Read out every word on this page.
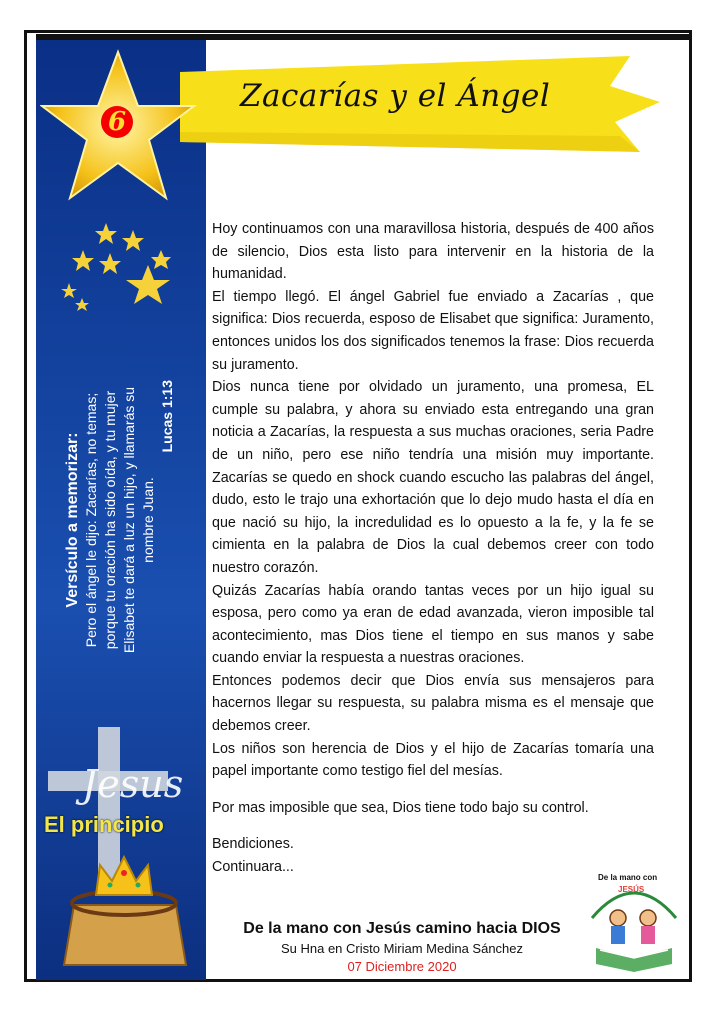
Zacarías y el Ángel
6
Versículo a memorizar: Pero el ángel le dijo: Zacarías, no temas; porque tu oración ha sido oída, y tu mujer Elisabet te dará a luz un hijo, y llamarás su nombre Juan.
Lucas 1:13
Jesus
El principio

Hoy continuamos con una maravillosa historia, después de 400 años de silencio, Dios esta listo para intervenir en la historia de la humanidad.

El tiempo llegó. El ángel Gabriel fue enviado a Zacarías , que significa: Dios recuerda, esposo de Elisabet que significa: Juramento, entonces unidos los dos significados tenemos la frase: Dios recuerda su juramento.

Dios nunca tiene por olvidado un juramento, una promesa, EL cumple su palabra, y ahora su enviado esta entregando una gran noticia a Zacarías, la respuesta a sus muchas oraciones, seria Padre de un niño, pero ese niño tendría una misión muy importante. Zacarías se quedo en shock cuando escucho las palabras del ángel, dudo, esto le trajo una exhortación que lo dejo mudo hasta el día en que nació su hijo, la incredulidad es lo opuesto a la fe, y la fe se cimienta en la palabra de Dios la cual debemos creer con todo nuestro corazón.

Quizás Zacarías había orando tantas veces por un hijo igual su esposa, pero como ya eran de edad avanzada, vieron imposible tal acontecimiento, mas Dios tiene el tiempo en sus manos y sabe cuando enviar la respuesta a nuestras oraciones.

Entonces podemos decir que Dios envía sus mensajeros para hacernos llegar su respuesta, su palabra misma es el mensaje que debemos creer.

Los niños son herencia de Dios y el hijo de Zacarías tomaría una papel importante como testigo fiel del mesías.

Por mas imposible que sea, Dios tiene todo bajo su control.

Bendiciones.

Continuara...

De la mano con Jesús camino hacia DIOS
Su Hna en Cristo Miriam Medina Sánchez
07 Diciembre 2020
De la mano con
JESÚS
